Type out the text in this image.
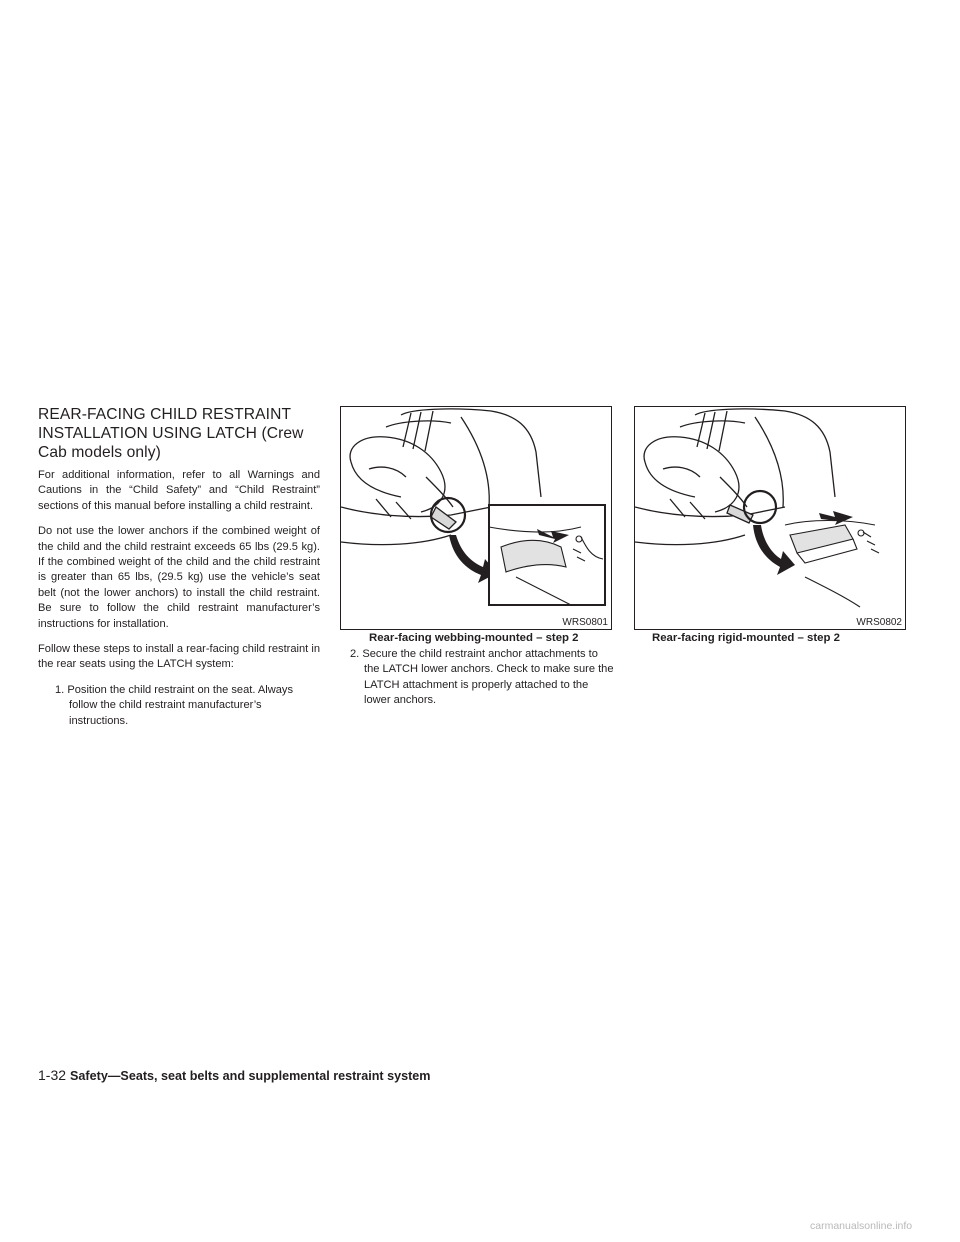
REAR-FACING CHILD RESTRAINT
INSTALLATION USING LATCH (Crew
Cab models only)

For additional information, refer to all Warnings and Cautions in the “Child Safety” and “Child Restraint” sections of this manual before installing a child restraint.

Do not use the lower anchors if the combined weight of the child and the child restraint exceeds 65 lbs (29.5 kg). If the combined weight of the child and the child restraint is greater than 65 lbs, (29.5 kg) use the vehicle’s seat belt (not the lower anchors) to install the child restraint. Be sure to follow the child restraint manufacturer’s instructions for installation.

Follow these steps to install a rear-facing child restraint in the rear seats using the LATCH system:

1. Position the child restraint on the seat. Always follow the child restraint manufacturer’s instructions.

WRS0801
Rear-facing webbing-mounted – step 2
WRS0802
Rear-facing rigid-mounted – step 2

2. Secure the child restraint anchor attachments to the LATCH lower anchors. Check to make sure the LATCH attachment is properly attached to the lower anchors.

1-32 Safety—Seats, seat belts and supplemental restraint system
carmanualsonline.info
